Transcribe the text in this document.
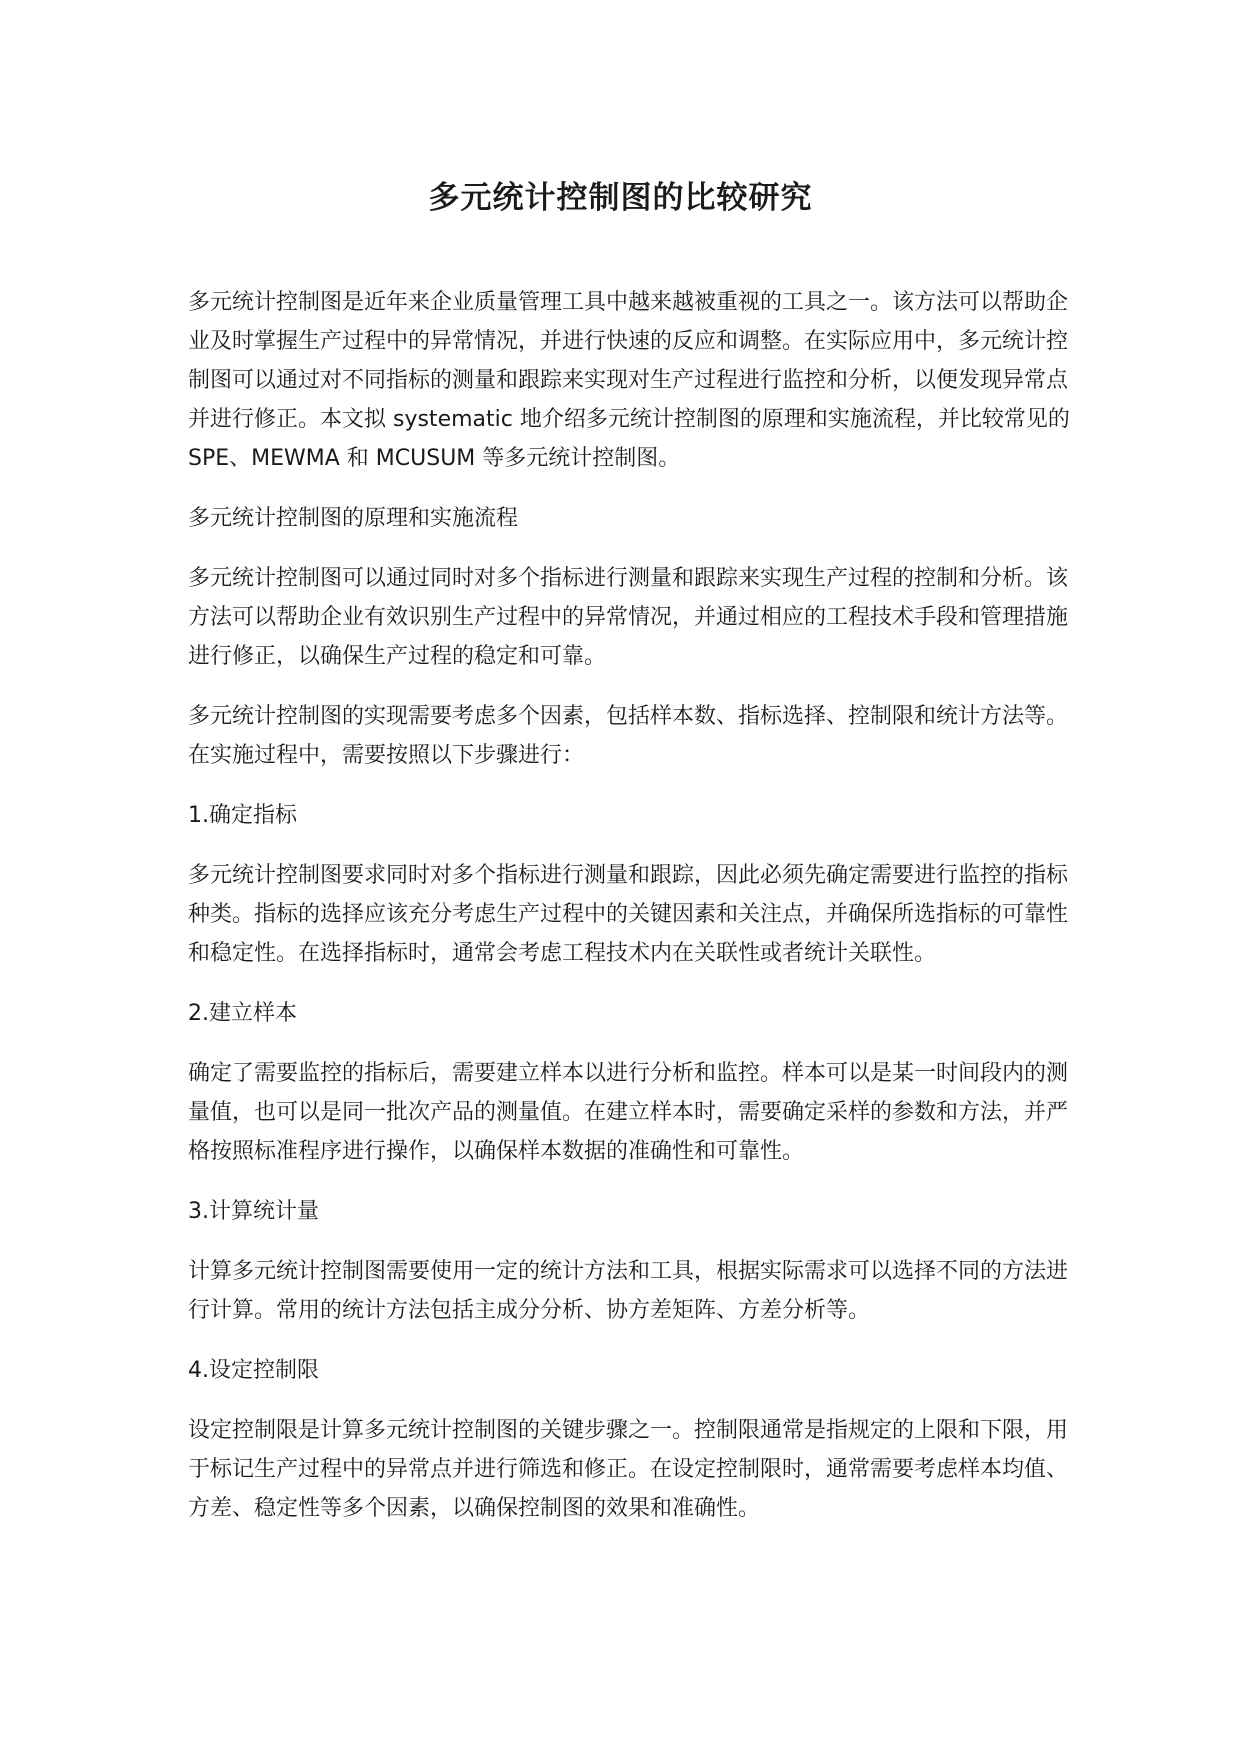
多元统计控制图的比较研究

多元统计控制图是近年来企业质量管理工具中越来越被重视的工具之一。该方法可以帮助企业及时掌握生产过程中的异常情况，并进行快速的反应和调整。在实际应用中，多元统计控制图可以通过对不同指标的测量和跟踪来实现对生产过程进行监控和分析，以便发现异常点并进行修正。本文拟 systematic 地介绍多元统计控制图的原理和实施流程，并比较常见的 SPE、MEWMA 和 MCUSUM 等多元统计控制图。

多元统计控制图的原理和实施流程

多元统计控制图可以通过同时对多个指标进行测量和跟踪来实现生产过程的控制和分析。该方法可以帮助企业有效识别生产过程中的异常情况，并通过相应的工程技术手段和管理措施进行修正，以确保生产过程的稳定和可靠。

多元统计控制图的实现需要考虑多个因素，包括样本数、指标选择、控制限和统计方法等。在实施过程中，需要按照以下步骤进行：

1.确定指标

多元统计控制图要求同时对多个指标进行测量和跟踪，因此必须先确定需要进行监控的指标种类。指标的选择应该充分考虑生产过程中的关键因素和关注点，并确保所选指标的可靠性和稳定性。在选择指标时，通常会考虑工程技术内在关联性或者统计关联性。

2.建立样本

确定了需要监控的指标后，需要建立样本以进行分析和监控。样本可以是某一时间段内的测量值，也可以是同一批次产品的测量值。在建立样本时，需要确定采样的参数和方法，并严格按照标准程序进行操作，以确保样本数据的准确性和可靠性。

3.计算统计量

计算多元统计控制图需要使用一定的统计方法和工具，根据实际需求可以选择不同的方法进行计算。常用的统计方法包括主成分分析、协方差矩阵、方差分析等。

4.设定控制限

设定控制限是计算多元统计控制图的关键步骤之一。控制限通常是指规定的上限和下限，用于标记生产过程中的异常点并进行筛选和修正。在设定控制限时，通常需要考虑样本均值、方差、稳定性等多个因素，以确保控制图的效果和准确性。
